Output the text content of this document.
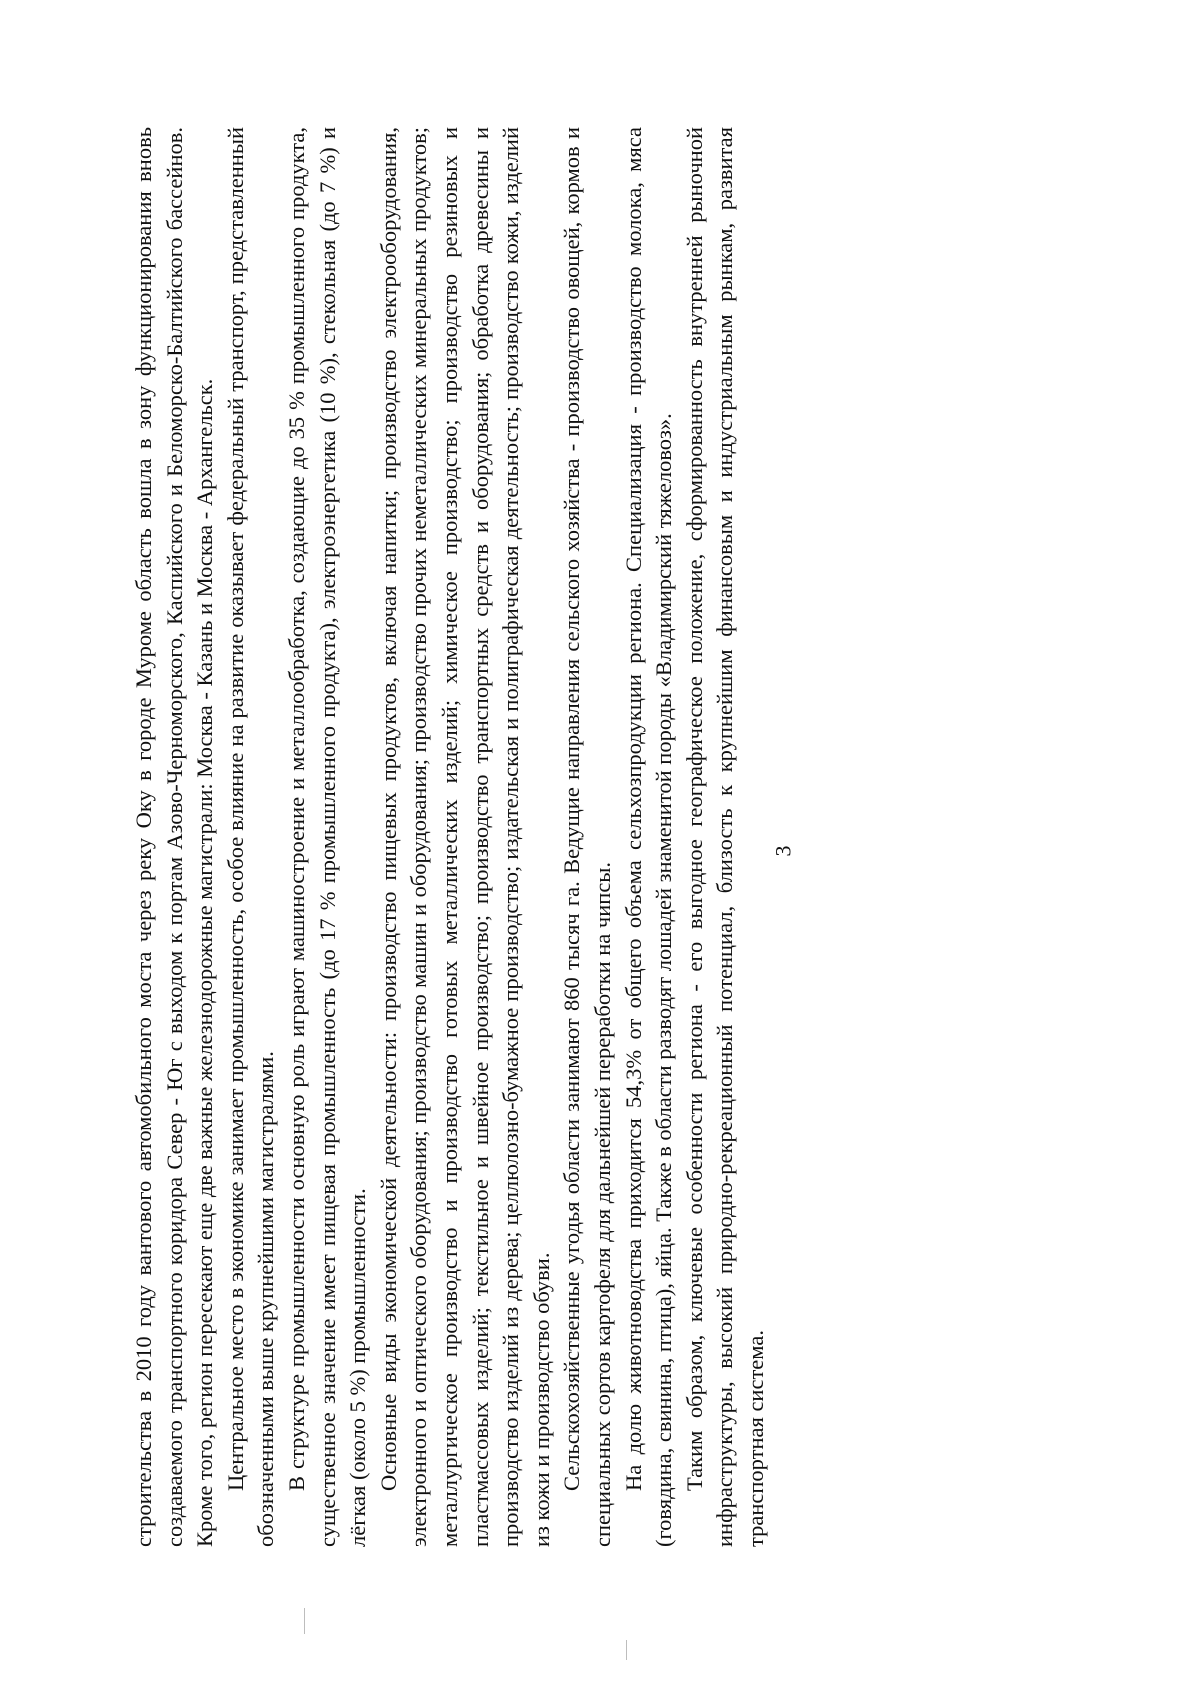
3

строительства в 2010 году вантового автомобильного моста через реку Оку в городе Муроме область вошла в зону функционирования вновь создаваемого транспортного коридора Север - Юг с выходом к портам Азово-Черноморского, Каспийского и Беломорско-Балтийского бассейнов. Кроме того, регион пересекают еще две важные железнодорожные магистрали: Москва - Казань и Москва - Архангельск. Центральное место в экономике занимает промышленность, особое влияние на развитие оказывает федеральный транспорт, представленный обозначенными выше крупнейшими магистралями. В структуре промышленности основную роль играют машиностроение и металлообработка, создающие до 35 % промышленного продукта, существенное значение имеет пищевая промышленность (до 17 % промышленного продукта), электроэнергетика (10 %), стекольная (до 7 %) и лёгкая (около 5 %) промышленности. Основные виды экономической деятельности: производство пищевых продуктов, включая напитки; производство электрооборудования, электронного и оптического оборудования; производство машин и оборудования; производство прочих неметаллических минеральных продуктов; металлургическое производство и производство готовых металлических изделий; химическое производство; производство резиновых и пластмассовых изделий; текстильное и швейное производство; производство транспортных средств и оборудования; обработка древесины и производство изделий из дерева; целлюлозно-бумажное производство; издательская и полиграфическая деятельность; производство кожи, изделий из кожи и производство обуви. Сельскохозяйственные угодья области занимают 860 тысяч га. Ведущие направления сельского хозяйства - производство овощей, кормов и специальных сортов картофеля для дальнейшей переработки на чипсы. На долю животноводства приходится 54,3% от общего объема сельхозпродукции региона. Специализация - производство молока, мяса (говядина, свинина, птица), яйца. Также в области разводят лошадей знаменитой породы «Владимирский тяжеловоз». Таким образом, ключевые особенности региона - его выгодное географическое положение, сформированность внутренней рыночной инфраструктуры, высокий природно-рекреационный потенциал, близость к крупнейшим финансовым и индустриальным рынкам, развитая транспортная система.
